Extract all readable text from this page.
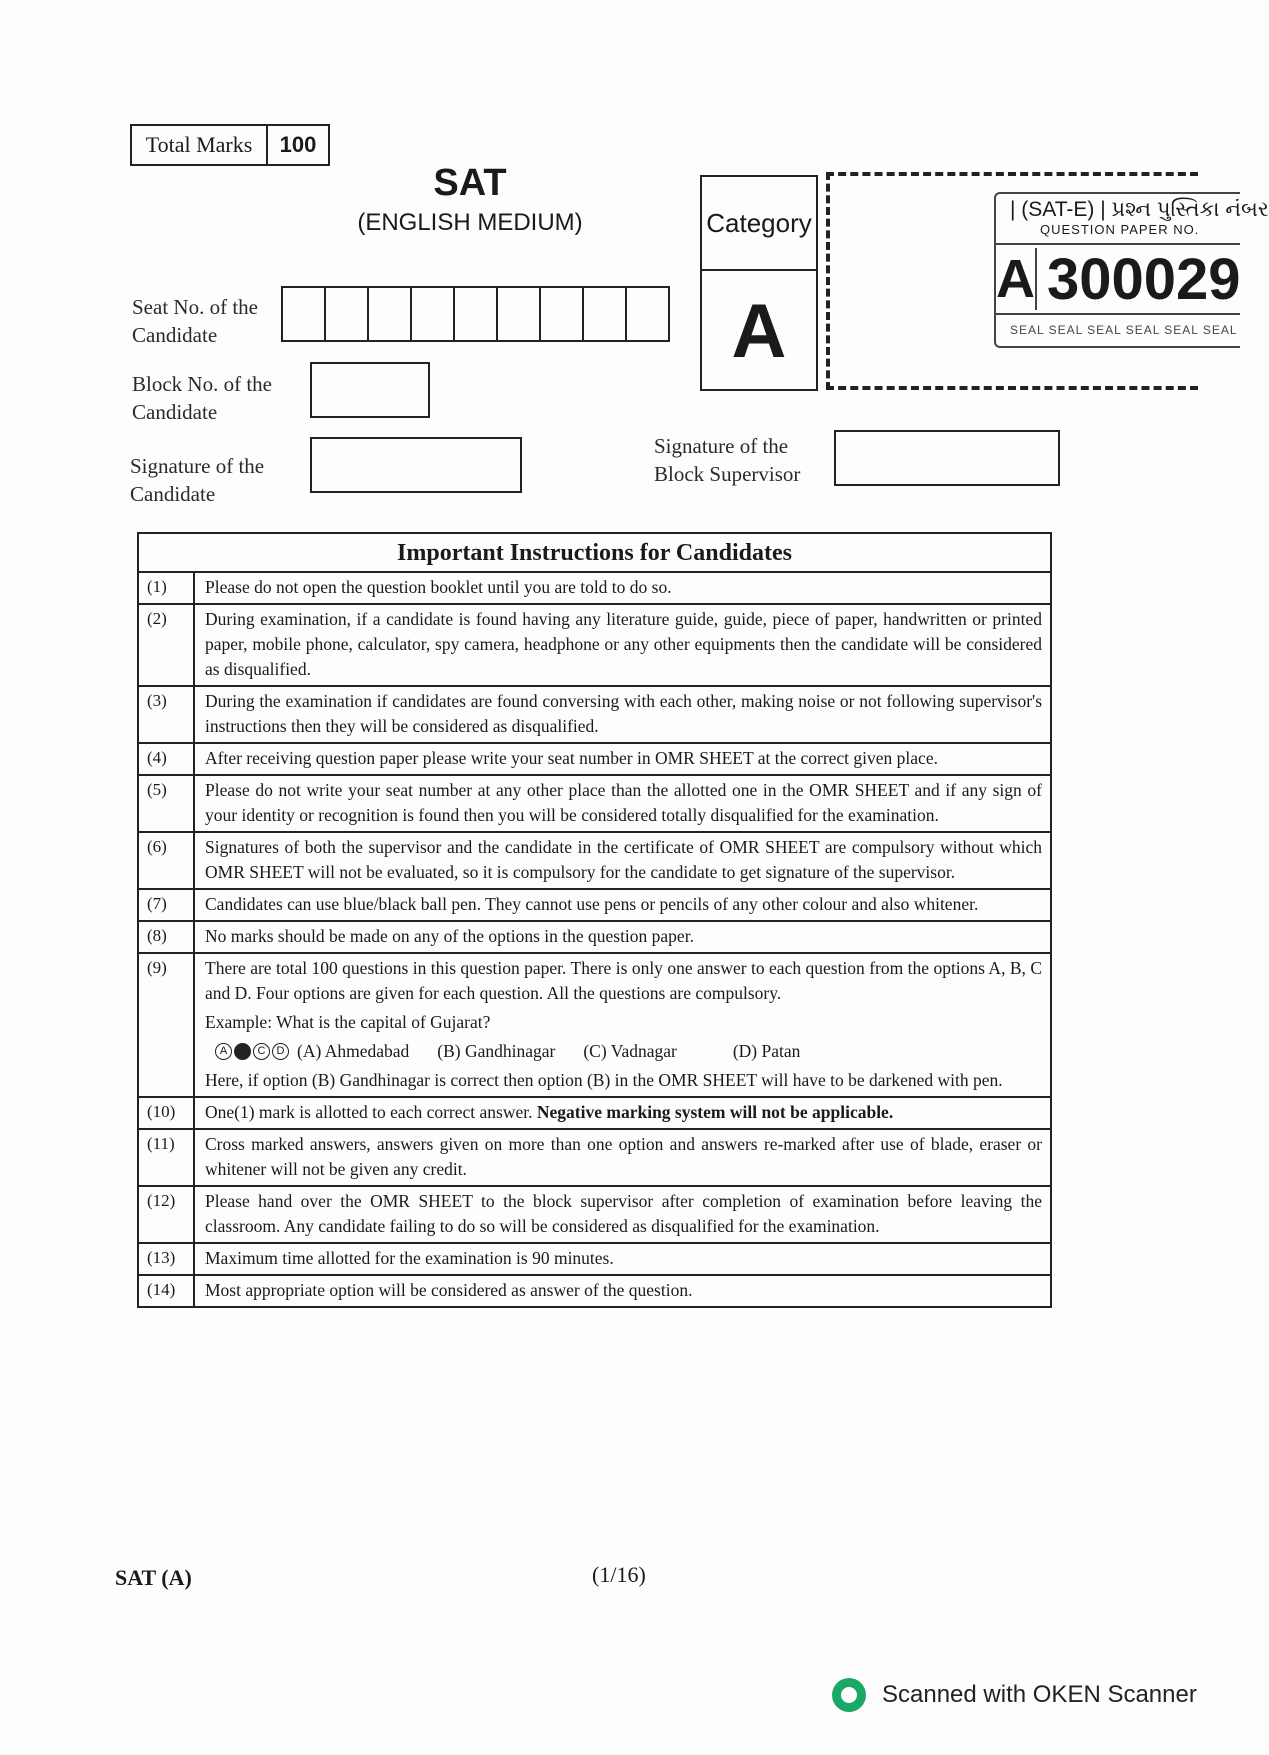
Total Marks	100
SAT
(ENGLISH MEDIUM)	Category
A
| (SAT-E) | પ્રશ્ન પુસ્તિકા નંબર
QUESTION PAPER NO.
A 300029
SEAL SEAL SEAL SEAL SEAL SEAL
Seat No. of the Candidate
Block No. of the Candidate
Signature of the Candidate
Signature of the Block Supervisor
Important Instructions for Candidates
(1)	Please do not open the question booklet until you are told to do so.
(2)	During examination, if a candidate is found having any literature guide, guide, piece of paper, handwritten or printed paper, mobile phone, calculator, spy camera, headphone or any other equipments then the candidate will be considered as disqualified.
(3)	During the examination if candidates are found conversing with each other, making noise or not following supervisor's instructions then they will be considered as disqualified.
(4)	After receiving question paper please write your seat number in OMR SHEET at the correct given place.
(5)	Please do not write your seat number at any other place than the allotted one in the OMR SHEET and if any sign of your identity or recognition is found then you will be considered totally disqualified for the examination.
(6)	Signatures of both the supervisor and the candidate in the certificate of OMR SHEET are compulsory without which OMR SHEET will not be evaluated, so it is compulsory for the candidate to get signature of the supervisor.
(7)	Candidates can use blue/black ball pen. They cannot use pens or pencils of any other colour and also whitener.
(8)	No marks should be made on any of the options in the question paper.
(9)	There are total 100 questions in this question paper. There is only one answer to each question from the options A, B, C and D. Four options are given for each question. All the questions are compulsory.
Example: What is the capital of Gujarat?
A	B	C	D (A) Ahmedabad (B) Gandhinagar (C) Vadnagar	(D) Patan
Here, if option (B) Gandhinagar is correct then option (B) in the OMR SHEET will have to be darkened with pen.
(10)	One(1) mark is allotted to each correct answer. Negative marking system will not be applicable.
(11)	Cross marked answers, answers given on more than one option and answers re-marked after use of blade, eraser or whitener will not be given any credit.
(12)	Please hand over the OMR SHEET to the block supervisor after completion of examination before leaving the classroom. Any candidate failing to do so will be considered as disqualified for the examination.
(13)	Maximum time allotted for the examination is 90 minutes.
(14)	Most appropriate option will be considered as answer of the question.
SAT (A)	(1/16)
Scanned with OKEN Scanner
